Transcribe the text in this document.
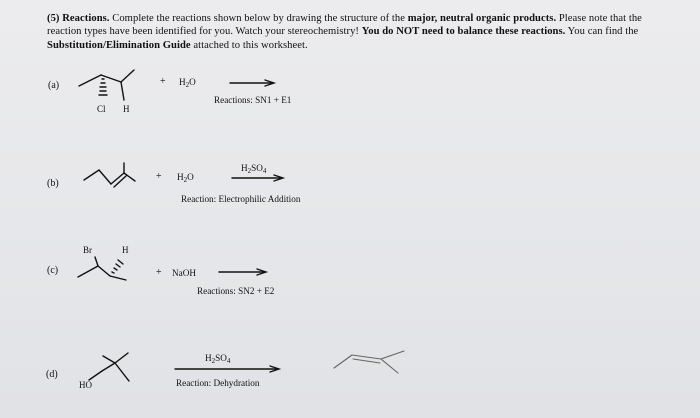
(5) Reactions. Complete the reactions shown below by drawing the structure of the major, neutral organic products. Please note that the reaction types have been identified for you. Watch your stereochemistry! You do NOT need to balance these reactions. You can find the Substitution/Elimination Guide attached to this worksheet.
Cl H
Br	H
HO
(a)
(b)
(c)
(d)
+ $H_2O$
Reactions: SN1 + E1
+ $H_2O$
$H_2SO_4$
Reaction: Electrophilic Addition
+ NaOH
Reactions: SN2 + E2
$H_2SO_4$
Reaction: Dehydration
